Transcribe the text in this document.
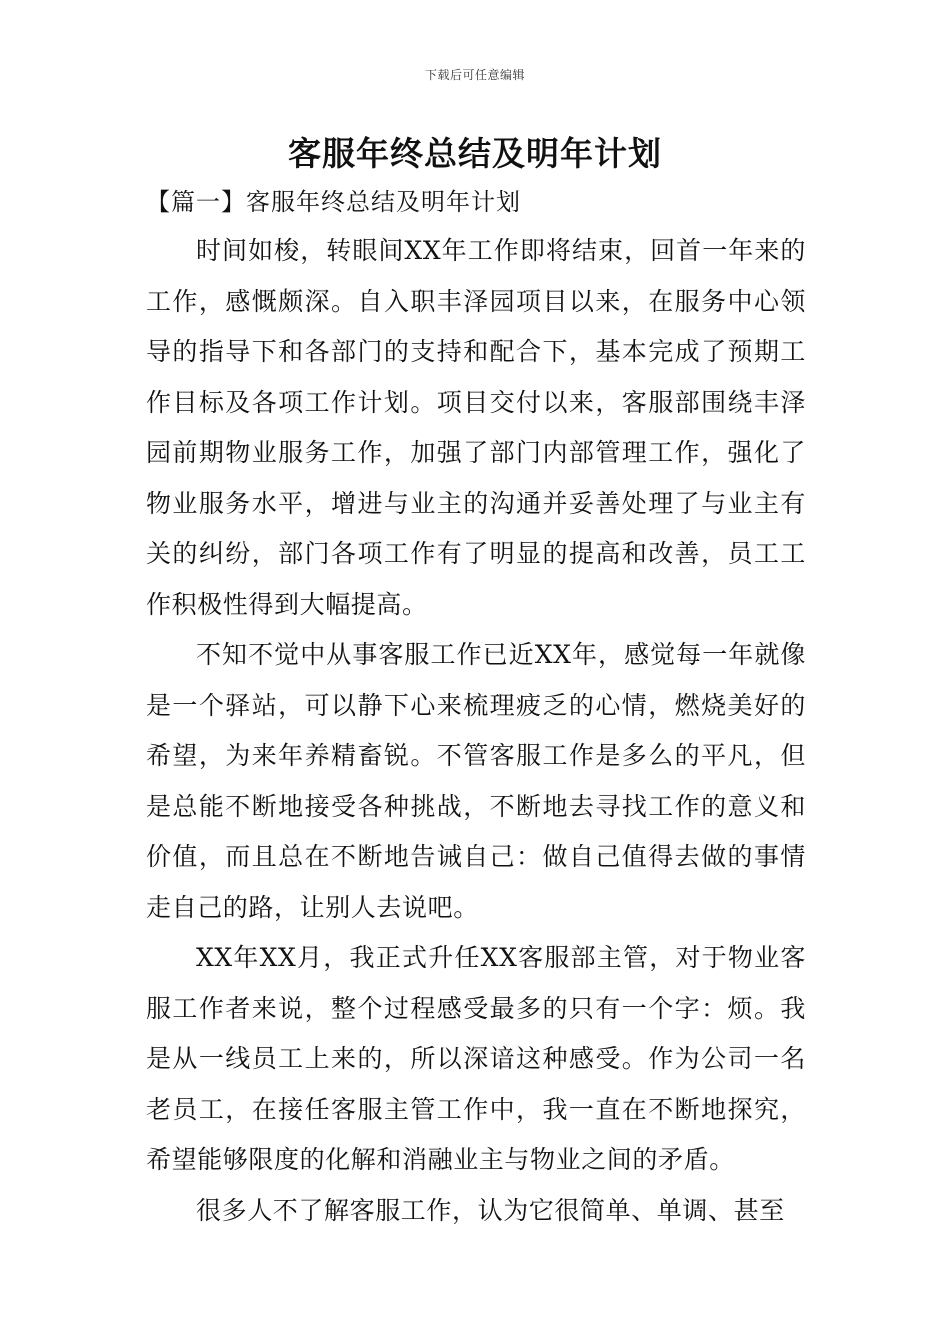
下载后可任意编辑
客服年终总结及明年计划
【篇一】客服年终总结及明年计划

时间如梭，转眼间XX年工作即将结束，回首一年来的工作，感慨颇深。自入职丰泽园项目以来，在服务中心领导的指导下和各部门的支持和配合下，基本完成了预期工作目标及各项工作计划。项目交付以来，客服部围绕丰泽园前期物业服务工作，加强了部门内部管理工作，强化了物业服务水平，增进与业主的沟通并妥善处理了与业主有关的纠纷，部门各项工作有了明显的提高和改善，员工工作积极性得到大幅提高。

不知不觉中从事客服工作已近XX年，感觉每一年就像是一个驿站，可以静下心来梳理疲乏的心情，燃烧美好的希望，为来年养精畜锐。不管客服工作是多么的平凡，但是总能不断地接受各种挑战，不断地去寻找工作的意义和价值，而且总在不断地告诫自己：做自己值得去做的事情走自己的路，让别人去说吧。

XX年XX月，我正式升任XX客服部主管，对于物业客服工作者来说，整个过程感受最多的只有一个字：烦。我是从一线员工上来的，所以深谙这种感受。作为公司一名老员工，在接任客服主管工作中，我一直在不断地探究，希望能够限度的化解和消融业主与物业之间的矛盾。

很多人不了解客服工作，认为它很简单、单调、甚至
